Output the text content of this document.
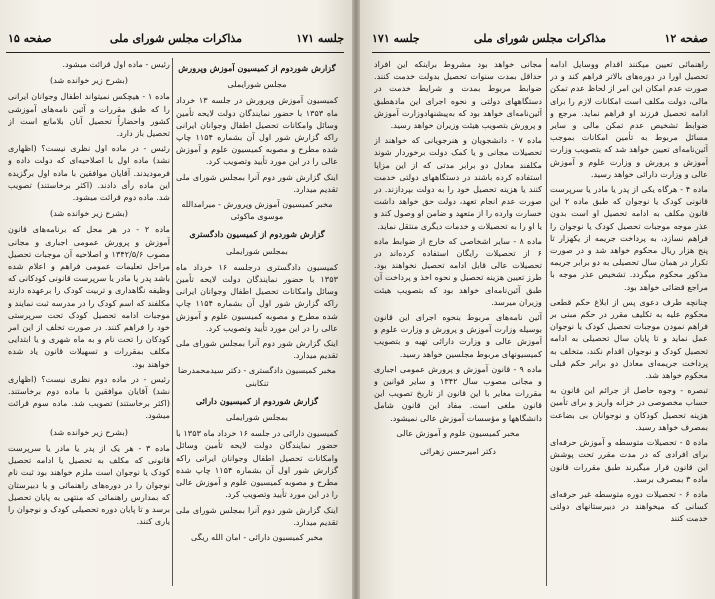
جلسه ۱۷۱
مذاکرات مجلس شورای ملی
صفحه ۱۵

گزارش شوردوم از کمیسیون آموزش وپرورش

مجلس شورایملی

کمیسیون آموزش وپرورش در جلسه ۱۳ خرداد ماه ۱۳۵۳ با حضور نمایندگان دولت لایحه تأمین وسائل وامکانات تحصیل اطفال وجوانان ایرانی راکه گزارش شور اول آن بشماره ۱۱۵۴ چاپ شده مطرح و مصوبه کمیسیون علوم و آموزش عالی را در این مورد تأیید وتصویب کرد.

اینک گزارش شور دوم آنرا بمجلس شورای ملی تقدیم میدارد.

مخبر کمیسیون آموزش وپرورش - میرامدالله موسوی ماکوئی

گزارش شوردوم از کمیسیون دادگستری

بمجلس شورایملی

کمیسیون دادگستری درجلسه ۱۶ خرداد ماه ۱۳۵۳ با حضور نمایندگان دولت لایحه تأمین وسائل وامکانات تحصیل اطفال وجوانان ایرانی راکه گزارش شور اول آن بشماره ۱۱۵۴ چاپ شده مطرح و مصوبه کمیسیون علوم و آموزش عالی را در این مورد تأیید وتصویب کرد.

اینک گزارش شور دوم آنرا بمجلس شورای ملی تقدیم میدارد.

مخبر کمیسیون دادگستری - دکتر سیدمحمدرضا تنکابنی

گزارش شوردوم از کمیسیون دارائی

بمجلس شورایملی

کمیسیون دارائی در جلسه ۱۶ خرداد ماه ۱۳۵۳ با حضور نمایندگان دولت لایحه تأمین وسائل وامکانات تحصیل اطفال وجوانان ایرانی راکه گزارش شور اول آن بشماره ۱۱۵۴ چاپ شده مطرح و مصوبه کمیسیون علوم و آموزش عالی را در این مورد تأیید وتصویب کرد.

اینک گزارش شور دوم آنرا بمجلس شورای ملی تقدیم میدارد.

مخبر کمیسیون دارائی - امان الله ریگی

رئیس - ماده اول قرائت میشود.

(بشرح زیر خوانده شد)

ماده ۱ - هیچکس نمیتواند اطفال وجوانان ایرانی را که طبق مقررات و آئین نامه‌های آموزشی کشور واحضاراً تحصیل آنان بلامانع است از تحصیل باز دارد.

رئیس - در ماده اول نظری نیست؟ (اظهاری نشد) ماده اول با اصلاحیه‌ای که دولت داده و فرمودیدند. آقایان موافقین با ماده اول برگزیده این ماده رأی دادند. (اکثر برخاستند) تصویب شد. ماده دوم قرائت میشود.

(بشرح زیر خوانده شد)

ماده ۲ - در هر محل که برنامه‌های قانون آموزش و پرورش عمومی اجباری و مجانی مصوب ۱۳۴۲/۵/۶ و اصلاحیه آن موجبات تحصیل مراحل تعلیمات عمومی فراهم و اعلام شده باشد پدر یا مادر یا سرپرست قانونی کودکانی که وظیفه نگاهداری و تربیت کودک را برعهده دارند مکلفند که اسم کودک را در مدرسه ثبت نمایند و موجبات ادامه تحصیل کودک تحت سرپرستی خود را فراهم کنند. در صورت تخلف از این امر کودکان را تحت نام و به ماه شهری و یا ابتدایی مکلف بمقررات و تسهیلات قانون یاد شده خواهند بود.

رئیس - در ماده دوم نظری نیست؟ (اظهاری نشد) آقایان موافقین با ماده دوم برخاستند. (اکثر برخاستند) تصویب شد. ماده سوم قرائت میشود.

(بشرح زیر خوانده شد)

ماده ۳ - هر یک از پدر یا مادر یا سرپرست قانونی که مکلف به تحصیل یا ادامه تحصیل کودک یا نوجوان است ملزم خواهند بود ثبت نام نوجوان را در دوره‌های راهنمائی و یا دبیرستان که بمدارس راهنمائی که منتهی به پایان تحصیل برسد و تا پایان دوره تحصیلی کودک و نوجوان را یاری کنند.

صفحه ۱۲
مذاکرات مجلس شورای ملی
جلسه ۱۷۱

راهنمائی تعیین میکنند اقدام ووسایل ادامه تحصیل اورا در دوره‌های بالاتر فراهم کند و در صورت عدم امکان این امر از لحاظ عدم تمکن مالی، دولت مکلف است امکانات لازم را برای ادامه تحصیل فرزند او فراهم نماید. مرجع و ضوابط تشخیص عدم تمکن مالی و سایر مسائل مربوط به تأمین امکانات بموجب آئین‌نامه‌ای تعیین خواهد شد که بتصویب وزارت آموزش و پرورش و وزارت علوم و آموزش عالی و وزارت دارائی خواهد رسید.

ماده ۴ - هرگاه یکی از پدر یا مادر یا سرپرست قانونی کودک یا نوجوان که طبق ماده ۲ این قانون مکلف به ادامه تحصیل او است بدون عذر موجه موجبات تحصیل کودک یا نوجوان را فراهم نسازد، به پرداخت جریمه از یکهزار تا پنج هزار ریال محکوم خواهد شد و در صورت تکرار در همان سال تحصیلی به دو برابر جریمه مذکور محکوم میگردد. تشخیص عذر موجه با مراجع قضائی خواهد بود.

چنانچه طرف دعوی پس از ابلاغ حکم قطعی محکوم علیه به تکلیف مقرر در حکم مبنی بر فراهم نمودن موجبات تحصیل کودک یا نوجوان عمل نماید و تا پایان سال تحصیلی به ادامه تحصیل کودک و نوجوان اقدام نکند، متخلف به پرداخت جریمه‌ای معادل دو برابر حکم قبلی محکوم خواهد شد.

تبصره - وجوه حاصل از جرائم این قانون به حساب مخصوصی در خزانه واریز و برای تأمین هزینه تحصیل کودکان و نوجوانان بی بضاعت بمصرف خواهد رسید.

ماده ۵ - تحصیلات متوسطه و آموزش حرفه‌ای برای افرادی که در مدت مقرر تحت پوشش این قانون قرار میگیرند طبق مقررات قانون ماده ۳ بمصرف برسد.

ماده ۶ - تحصیلات دوره متوسطه غیر حرفه‌ای کسانی که میخواهند در دبیرستانهای دولتی خدمت کنند

مجانی خواهد بود مشروط براینکه این افراد حداقل بمدت سنوات تحصیل بدولت خدمت کنند. ضوابط مربوط بمدت و شرایط خدمت در دستگاههای دولتی و نحوه اجرای این مادهطبق آئین‌نامه‌ای خواهد بود که به‌پیشنهادوزارت آموزش و پرورش بتصویب هیئت وزیران خواهد رسید.

ماده ۷ - دانشجویان و هنرجویانی که خواهند از تحصیلات مجانی و یا کمک دولت برخوردار شوند مکلفند معادل دو برابر مدتی که از این مزایا استفاده کرده باشند در دستگاههای دولتی خدمت کنند یا هزینه تحصیل خود را به دولت بپردازند. در صورت عدم انجام تعهد، دولت حق خواهد داشت خسارت وارده را از متعهد و ضامن او وصول کند و یا او را به تحصیلات و خدمات دیگری منتقل نماید.

ماده ۸ - سایر اشخاصی که خارج از ضوابط ماده ۶ از تحصیلات رایگان استفاده کرده‌اند در تحصیلات عالی قابل ادامه تحصیل نخواهند بود. طرز تعیین هزینه تحصیل و نحوه اخذ و پرداخت آن طبق آئین‌نامه‌ای خواهد بود که بتصویب هیئت وزیران میرسد.

آئین نامه‌های مربوط بنحوه اجرای این قانون بوسیله وزارت آموزش و پرورش و وزارت علوم و آموزش عالی و وزارت دارائی تهیه و بتصویب کمیسیونهای مربوط مجلسین خواهد رسید.

ماده ۹ - قانون آموزش و پرورش عمومی اجباری و مجانی مصوب سال ۱۳۴۲ و سایر قوانین و مقررات مغایر با این قانون از تاریخ تصویب این قانون ملغی است. مفاد این قانون شامل دانشگاهها و مؤسسات آموزش عالی نمیشود.

مخبر کمیسیون علوم و آموزش عالی

دکتر امیرحسن زهرائی
